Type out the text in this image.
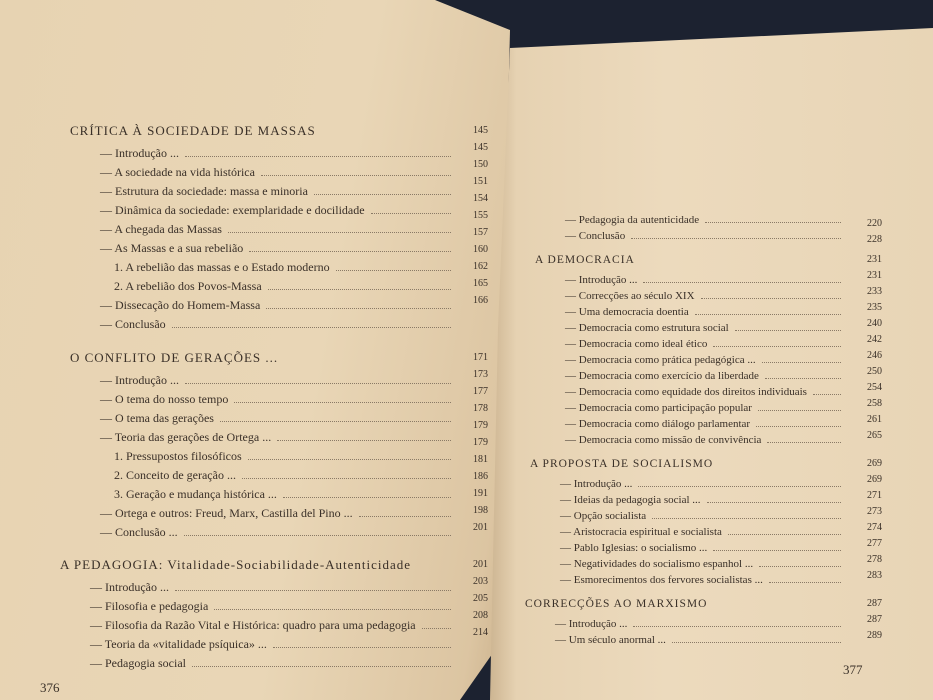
CRÍTICA À SOCIEDADE DE MASSAS
— Introdução ...
— A sociedade na vida histórica
— Estrutura da sociedade: massa e minoria
— Dinâmica da sociedade: exemplaridade e docilidade
— A chegada das Massas
— As Massas e a sua rebelião
1. A rebelião das massas e o Estado moderno
2. A rebelião dos Povos-Massa
— Dissecação do Homem-Massa
— Conclusão
145
145
150
151
154
155
157
160
162
165
166
O CONFLITO DE GERAÇÕES ...
— Introdução ...
— O tema do nosso tempo
— O tema das gerações
— Teoria das gerações de Ortega ...
1. Pressupostos filosóficos
2. Conceito de geração ...
3. Geração e mudança histórica ...
— Ortega e outros: Freud, Marx, Castilla del Pino ...
— Conclusão ...
171
173
177
178
179
179
181
186
191
198
201
A PEDAGOGIA: Vitalidade-Sociabilidade-Autenticidade
— Introdução ...
— Filosofia e pedagogia
— Filosofia da Razão Vital e Histórica: quadro para uma pedagogia
— Teoria da «vitalidade psíquica» ...
— Pedagogia social
201
203
205
208
214
— Pedagogia da autenticidade
— Conclusão
220
228
A DEMOCRACIA
— Introdução ...
— Correcções ao século XIX
— Uma democracia doentia
— Democracia como estrutura social
— Democracia como ideal ético
— Democracia como prática pedagógica ...
— Democracia como exercício da liberdade
— Democracia como equidade dos direitos individuais
— Democracia como participação popular
— Democracia como diálogo parlamentar
— Democracia como missão de convivência
231
231
233
235
240
242
246
250
254
258
261
265
A PROPOSTA DE SOCIALISMO
— Introdução ...
— Ideias da pedagogia social ...
— Opção socialista
— Aristocracia espiritual e socialista
— Pablo Iglesias: o socialismo ...
— Negatividades do socialismo espanhol ...
— Esmorecimentos dos fervores socialistas ...
269
269
271
273
274
277
278
283
CORRECÇÕES AO MARXISMO
— Introdução ...
— Um século anormal ...
287
287
289
376
377
